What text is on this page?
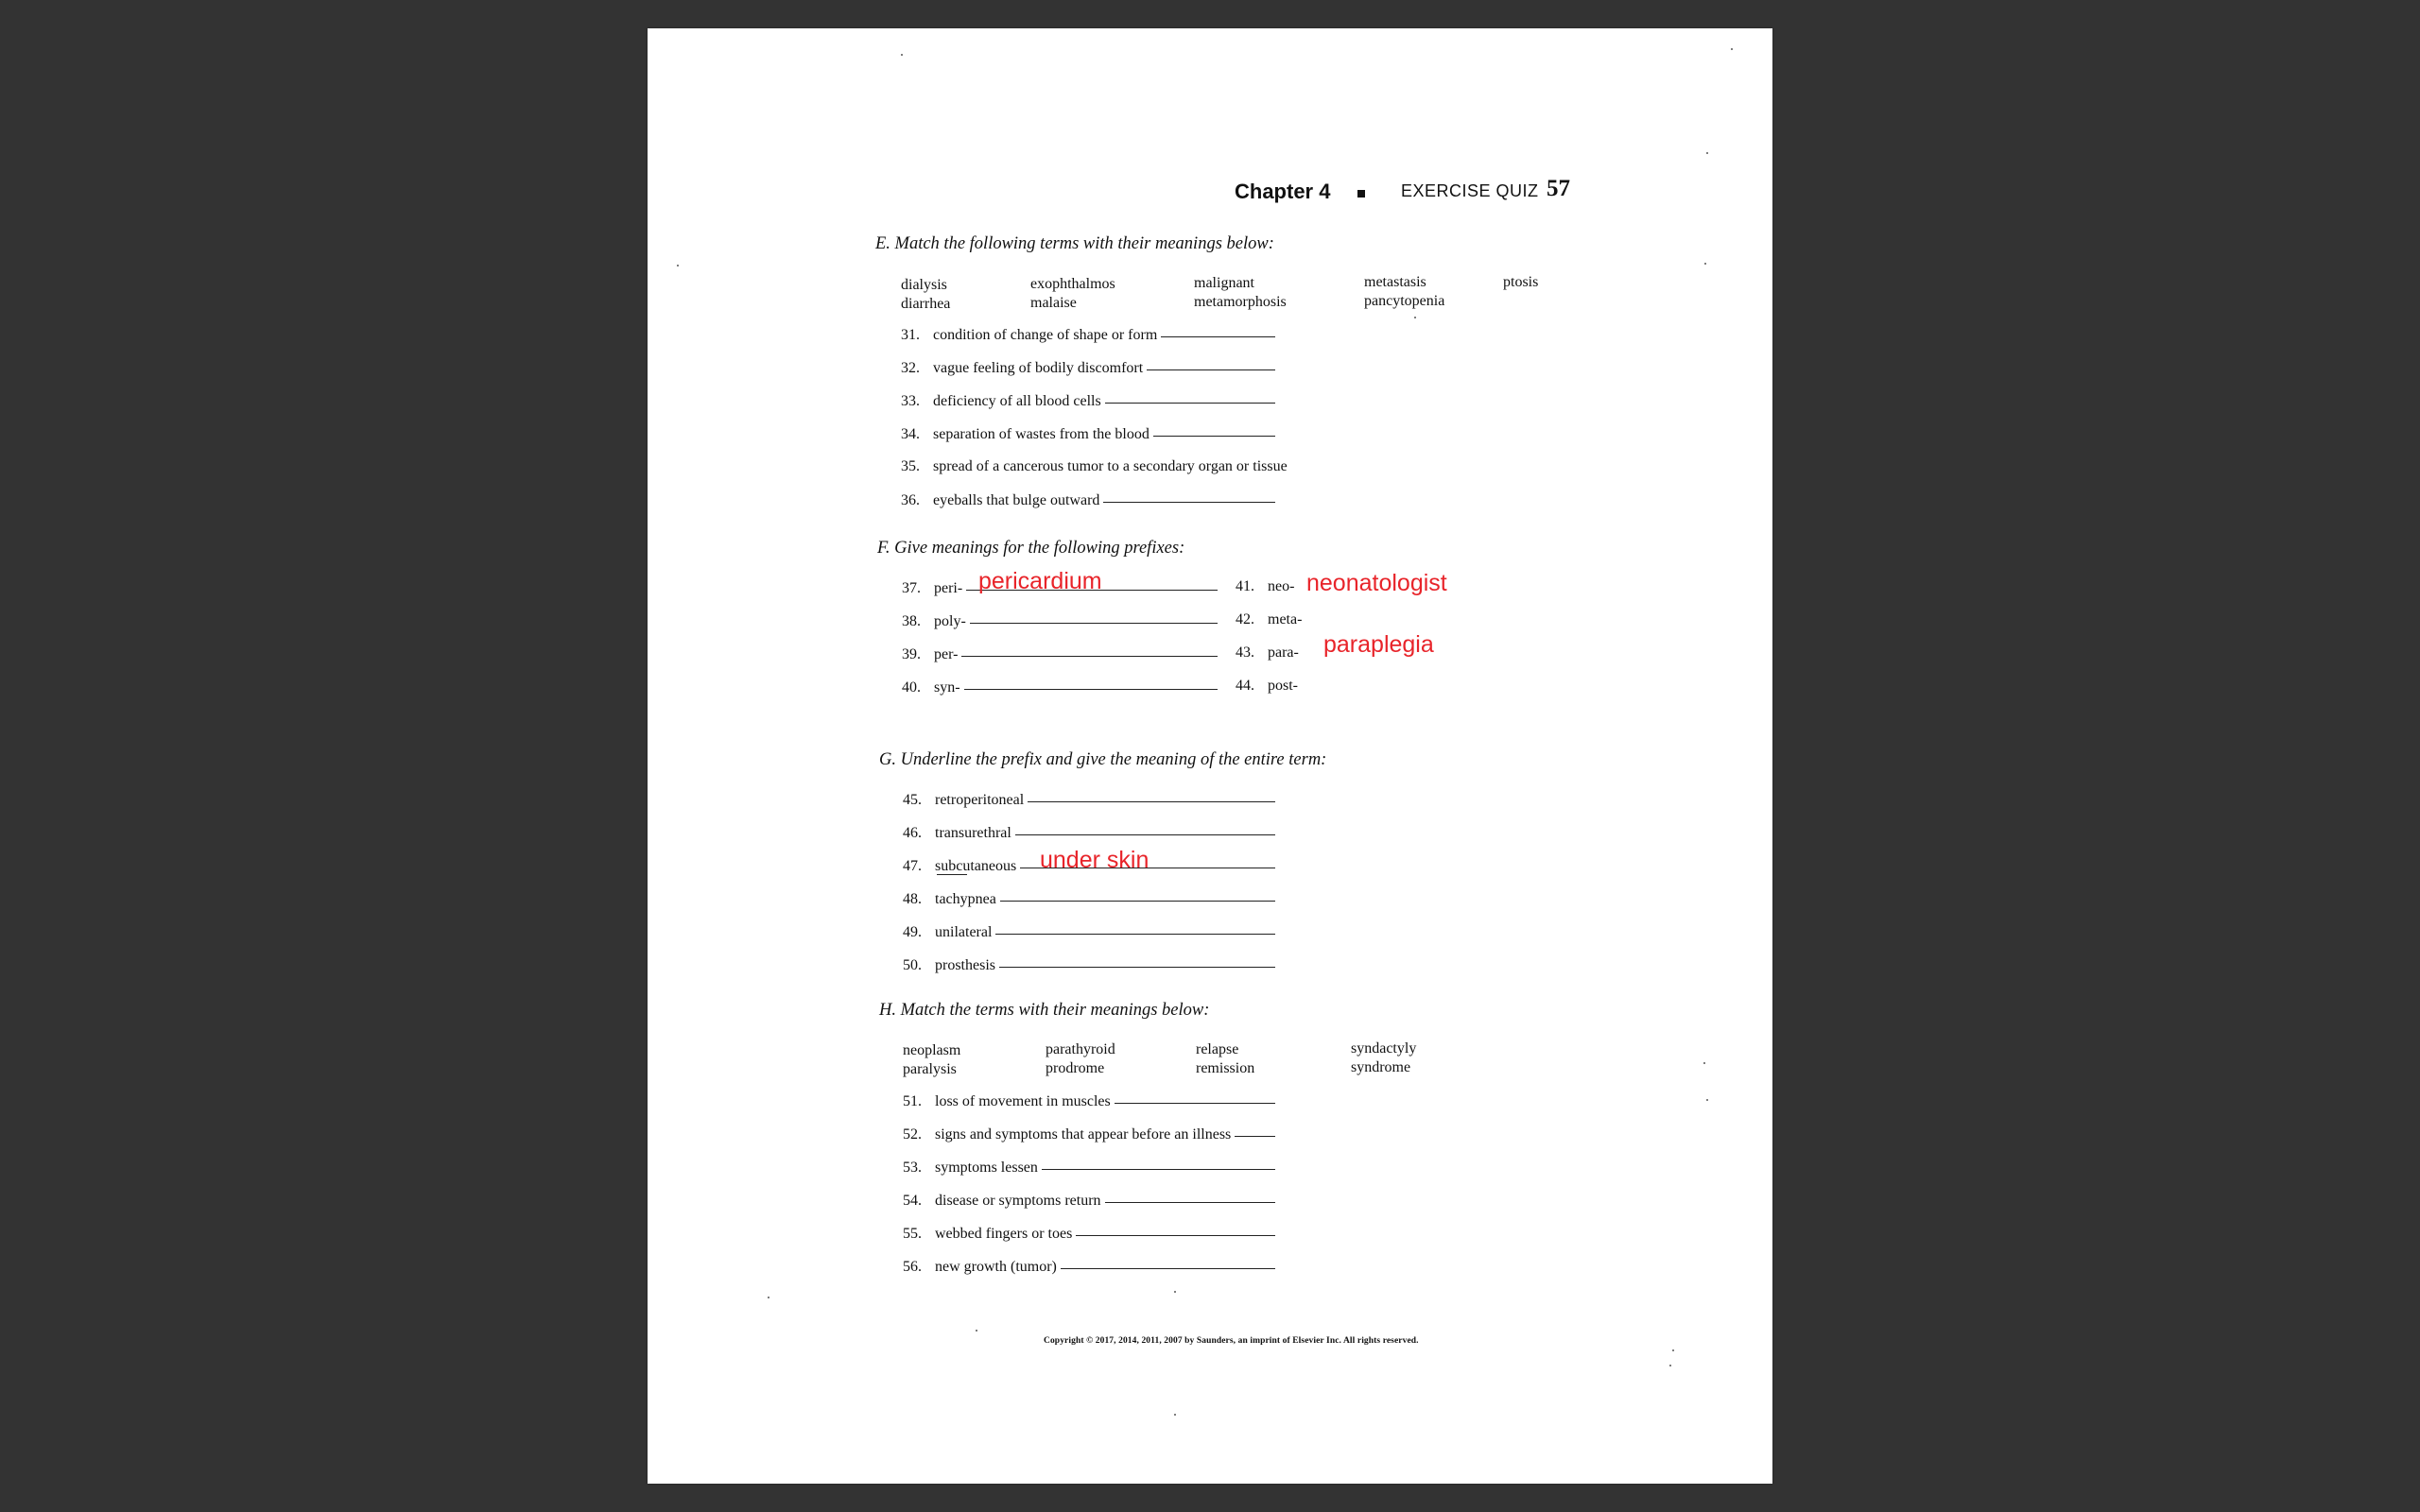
Chapter 4	EXERCISE QUIZ 57
E. Match the following terms with their meanings below:
dialysis
diarrhea
exophthalmos
malaise
malignant
metamorphosis
metastasis
pancytopenia
ptosis
31. condition of change of shape or form
32. vague feeling of bodily discomfort
33. deficiency of all blood cells
34. separation of wastes from the blood
35. spread of a cancerous tumor to a secondary organ or tissue
36. eyeballs that bulge outward
F. Give meanings for the following prefixes:
37. peri-
38. poly-
39. per-
40. syn-
41. neo-
42. meta-
43. para-
44. post-
pericardium	neonatologist
paraplegia
G. Underline the prefix and give the meaning of the entire term:
45. retroperitoneal
46. transurethral
47. subcutaneous
48. tachypnea
49. unilateral
50. prosthesis
under skin
H. Match the terms with their meanings below:
neoplasm
paralysis
parathyroid
prodrome
relapse
remission
syndactyly
syndrome
51. loss of movement in muscles
52. signs and symptoms that appear before an illness
53. symptoms lessen
54. disease or symptoms return
55. webbed fingers or toes
56. new growth (tumor)
Copyright © 2017, 2014, 2011, 2007 by Saunders, an imprint of Elsevier Inc. All rights reserved.
